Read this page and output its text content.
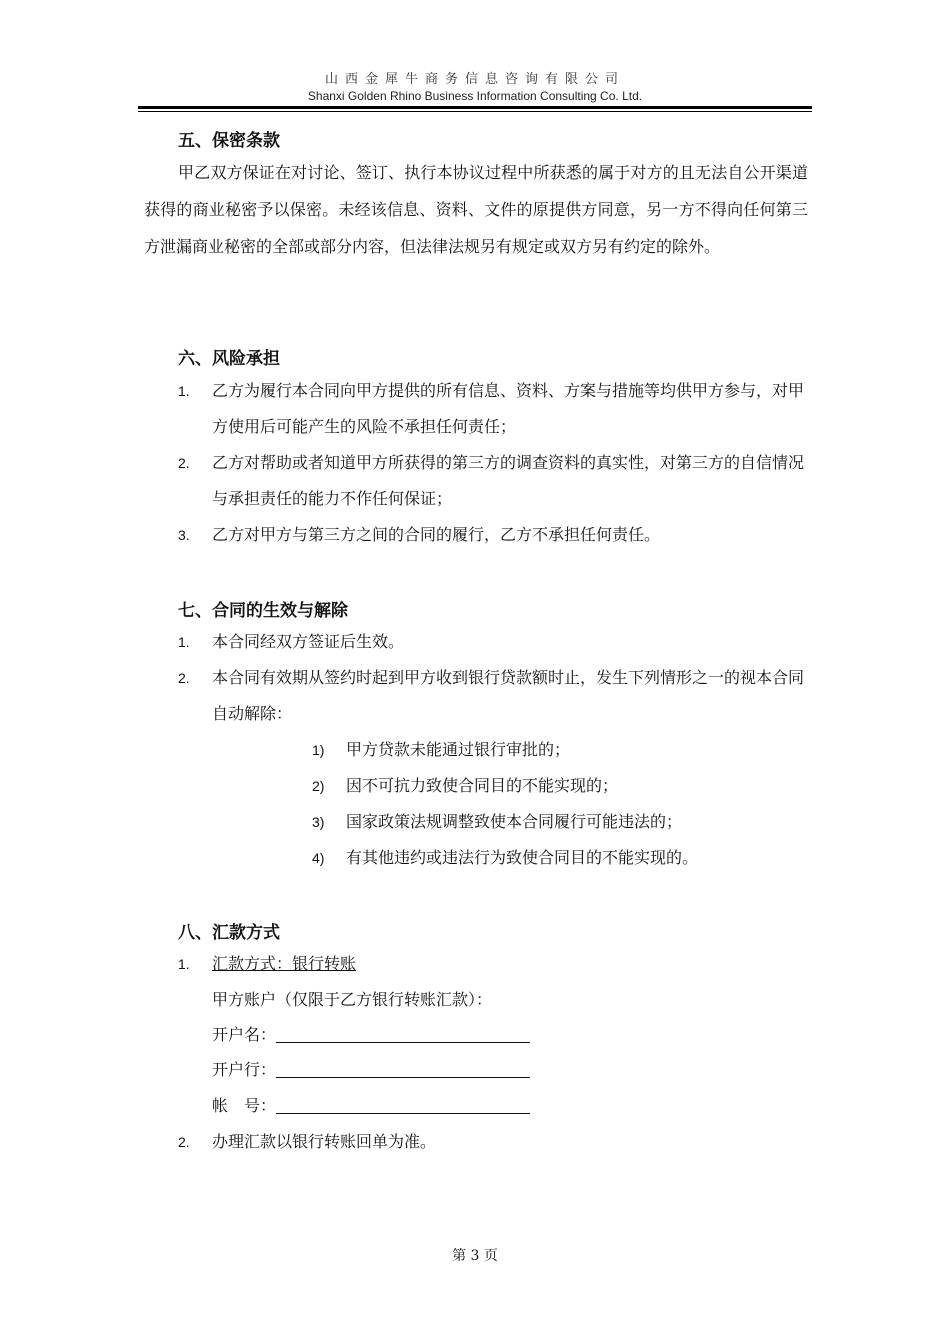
山西金犀牛商务信息咨询有限公司
Shanxi Golden Rhino Business Information Consulting Co. Ltd.
五、保密条款
甲乙双方保证在对讨论、签订、执行本协议过程中所获悉的属于对方的且无法自公开渠道获得的商业秘密予以保密。未经该信息、资料、文件的原提供方同意，另一方不得向任何第三方泄漏商业秘密的全部或部分内容，但法律法规另有规定或双方另有约定的除外。
六、风险承担
1. 乙方为履行本合同向甲方提供的所有信息、资料、方案与措施等均供甲方参与，对甲方使用后可能产生的风险不承担任何责任；
2. 乙方对帮助或者知道甲方所获得的第三方的调查资料的真实性，对第三方的自信情况与承担责任的能力不作任何保证；
3. 乙方对甲方与第三方之间的合同的履行，乙方不承担任何责任。
七、合同的生效与解除
1. 本合同经双方签证后生效。
2. 本合同有效期从签约时起到甲方收到银行贷款额时止，发生下列情形之一的视本合同自动解除：
1) 甲方贷款未能通过银行审批的；
2) 因不可抗力致使合同目的不能实现的；
3) 国家政策法规调整致使本合同履行可能违法的；
4) 有其他违约或违法行为致使合同目的不能实现的。
八、汇款方式
1. 汇款方式：银行转账
甲方账户（仅限于乙方银行转账汇款）：
开户名：
开户行：
帐　号：
2. 办理汇款以银行转账回单为准。
第 3 页
